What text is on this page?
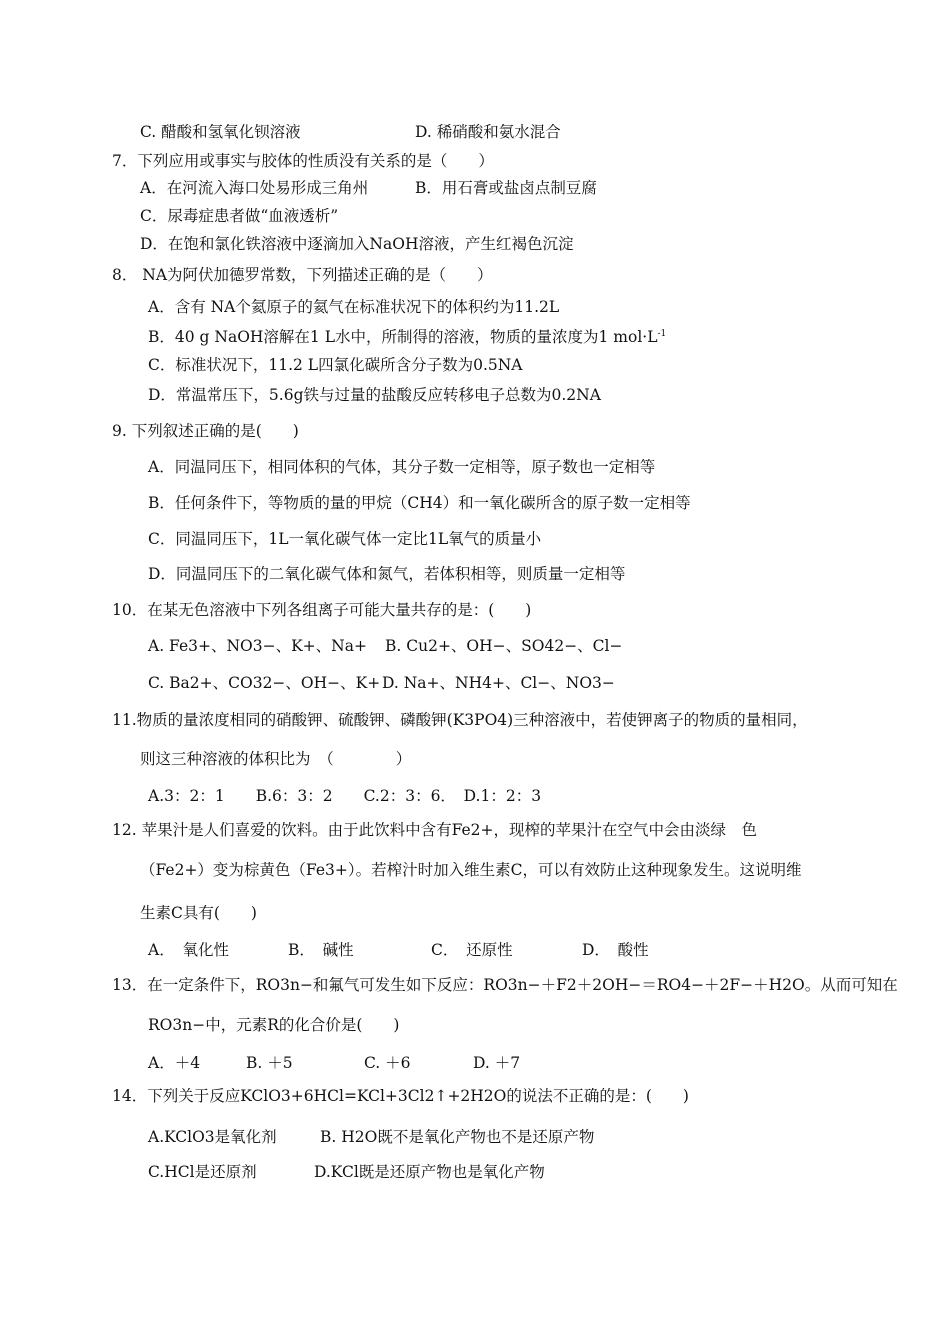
C. 醋酸和氢氧化钡溶液	D. 稀硝酸和氨水混合
7．下列应用或事实与胶体的性质没有关系的是（　　）
A．在河流入海口处易形成三角州	B．用石膏或盐卤点制豆腐
C．尿毒症患者做“血液透析”
D．在饱和氯化铁溶液中逐滴加入NaOH溶液，产生红褐色沉淀
8． NA为阿伏加德罗常数，下列描述正确的是（　　）
A．含有 NA个氦原子的氦气在标准状况下的体积约为11.2L
B．40 g NaOH溶解在1 L水中，所制得的溶液，物质的量浓度为1 $mol\cdot L^{-1}$
C．标准状况下，11.2 L四氯化碳所含分子数为0.5NA
D．常温常压下，5.6g铁与过量的盐酸反应转移电子总数为0.2NA
9. 下列叙述正确的是(　　)
A．同温同压下，相同体积的气体，其分子数一定相等，原子数也一定相等
B．任何条件下，等物质的量的甲烷（CH4）和一氧化碳所含的原子数一定相等
C．同温同压下，1L一氧化碳气体一定比1L氧气的质量小
D．同温同压下的二氧化碳气体和氮气，若体积相等，则质量一定相等
10．在某无色溶液中下列各组离子可能大量共存的是：(　　)
A. Fe3+、NO3−、K+、Na+ B. Cu2+、OH−、SO42−、Cl−
C. Ba2+、CO32−、OH−、K+ D. Na+、NH4+、Cl−、NO3−
11.物质的量浓度相同的硝酸钾、硫酸钾、磷酸钾(K3PO4)三种溶液中，若使钾离子的物质的量相同，
则这三种溶液的体积比为　（　　　　）
A.3：2：1　　B.6：3：2　　C.2：3：6．　D.1：2：3
12. 苹果汁是人们喜爱的饮料。由于此饮料中含有Fe2+，现榨的苹果汁在空气中会由淡绿　色
（Fe2+）变为棕黄色（Fe3+）。若榨汁时加入维生素C，可以有效防止这种现象发生。这说明维
生素C具有(　　)
A．　氧化性	B．　碱性	C．　还原性	D．　酸性
13．在一定条件下，RO3n−和氟气可发生如下反应：RO3n−＋F2＋2OH−＝RO4−＋2F−＋H2O。从而可知在
RO3n−中，元素R的化合价是(　　)
A．＋4	B. ＋5	C. ＋6	D. ＋7
14．下列关于反应KClO3+6HCl=KCl+3Cl2↑+2H2O的说法不正确的是：(　　)
A.KClO3是氧化剂	B. H2O既不是氧化产物也不是还原产物
C.HCl是还原剂	D.KCl既是还原产物也是氧化产物
